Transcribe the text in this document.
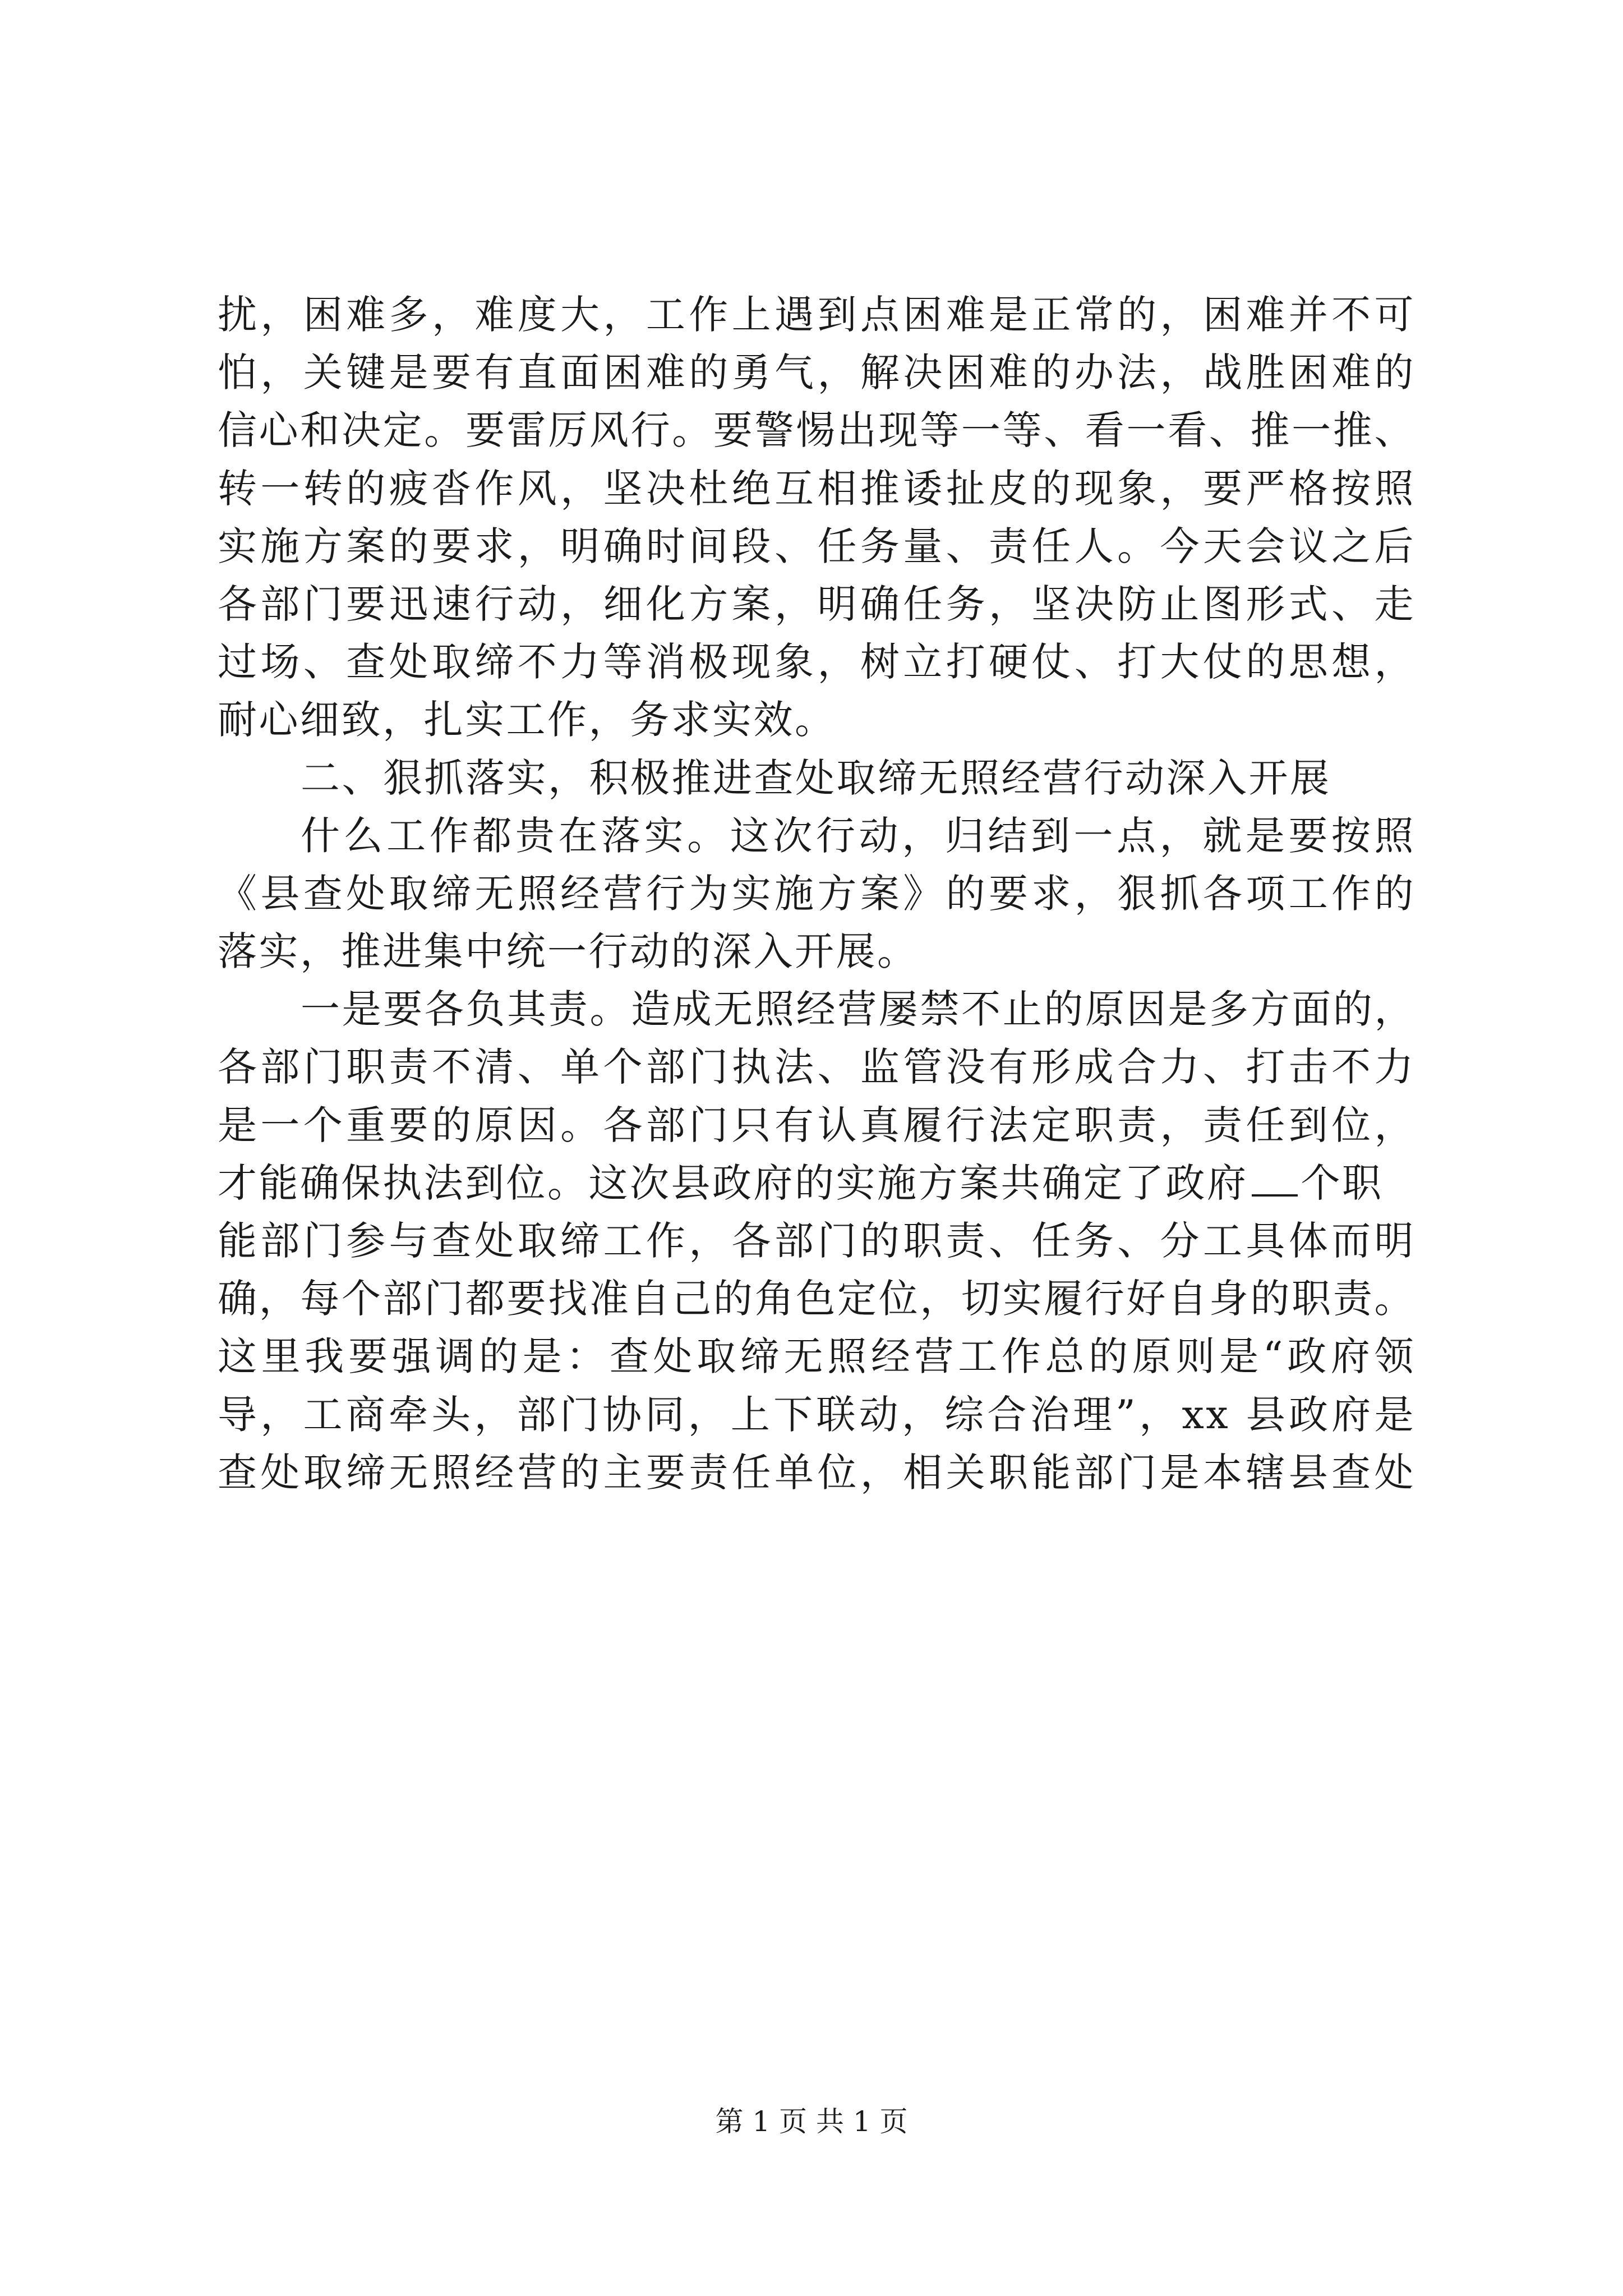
扰，困难多，难度大，工作上遇到点困难是正常的，困难并不可
怕，关键是要有直面困难的勇气，解决困难的办法，战胜困难的
信心和决定。要雷厉风行。要警惕出现等一等、看一看、推一推、
转一转的疲沓作风，坚决杜绝互相推诿扯皮的现象，要严格按照
实施方案的要求，明确时间段、任务量、责任人。今天会议之后
各部门要迅速行动，细化方案，明确任务，坚决防止图形式、走
过场、查处取缔不力等消极现象，树立打硬仗、打大仗的思想，
耐心细致，扎实工作，务求实效。
二、狠抓落实，积极推进查处取缔无照经营行动深入开展
什么工作都贵在落实。这次行动，归结到一点，就是要按照
《县查处取缔无照经营行为实施方案》的要求，狠抓各项工作的
落实，推进集中统一行动的深入开展。
一是要各负其责。造成无照经营屡禁不止的原因是多方面的，
各部门职责不清、单个部门执法、监管没有形成合力、打击不力
是一个重要的原因。各部门只有认真履行法定职责，责任到位，
才能确保执法到位。这次县政府的实施方案共确定了政府 个职
能部门参与查处取缔工作，各部门的职责、任务、分工具体而明
确，每个部门都要找准自己的角色定位，切实履行好自身的职责。
这里我要强调的是：查处取缔无照经营工作总的原则是“政府领
导，工商牵头，部门协同，上下联动，综合治理”，xx 县政府是
查处取缔无照经营的主要责任单位，相关职能部门是本辖县查处
第 1 页 共 1 页
